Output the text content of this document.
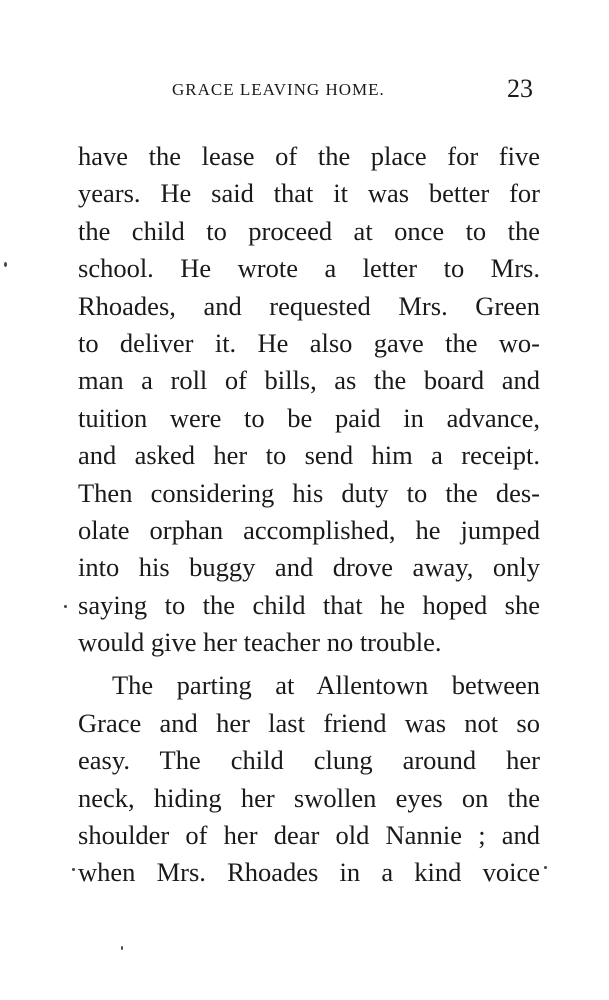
GRACE LEAVING HOME.	23
have the lease of the place for five
years. He said that it was better for
the child to proceed at once to the
school. He wrote a letter to Mrs.
Rhoades, and requested Mrs. Green
to deliver it. He also gave the wo-
man a roll of bills, as the board and
tuition were to be paid in advance,
and asked her to send him a receipt.
Then considering his duty to the des-
olate orphan accomplished, he jumped
into his buggy and drove away, only
saying to the child that he hoped she
would give her teacher no trouble.
The parting at Allentown between
Grace and her last friend was not so
easy. The child clung around her
neck, hiding her swollen eyes on the
shoulder of her dear old Nannie ; and
when Mrs. Rhoades in a kind voice
